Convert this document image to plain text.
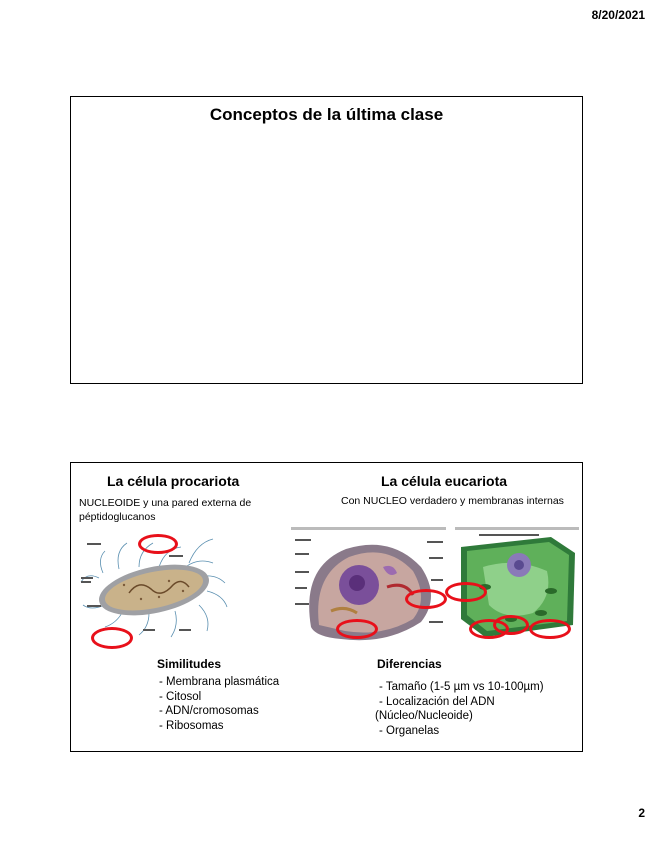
8/20/2021
Conceptos de la última clase
La célula procariota
NUCLEOIDE y una pared externa de
péptidoglucanos
La célula eucariota
Con NUCLEO verdadero y membranas internas
Similitudes
- Membrana plasmática
- Citosol
- ADN/cromosomas
- Ribosomas
Diferencias
- Tamaño (1-5 µm vs 10-100µm)
- Localización del ADN
(Núcleo/Nucleoide)
- Organelas
2
